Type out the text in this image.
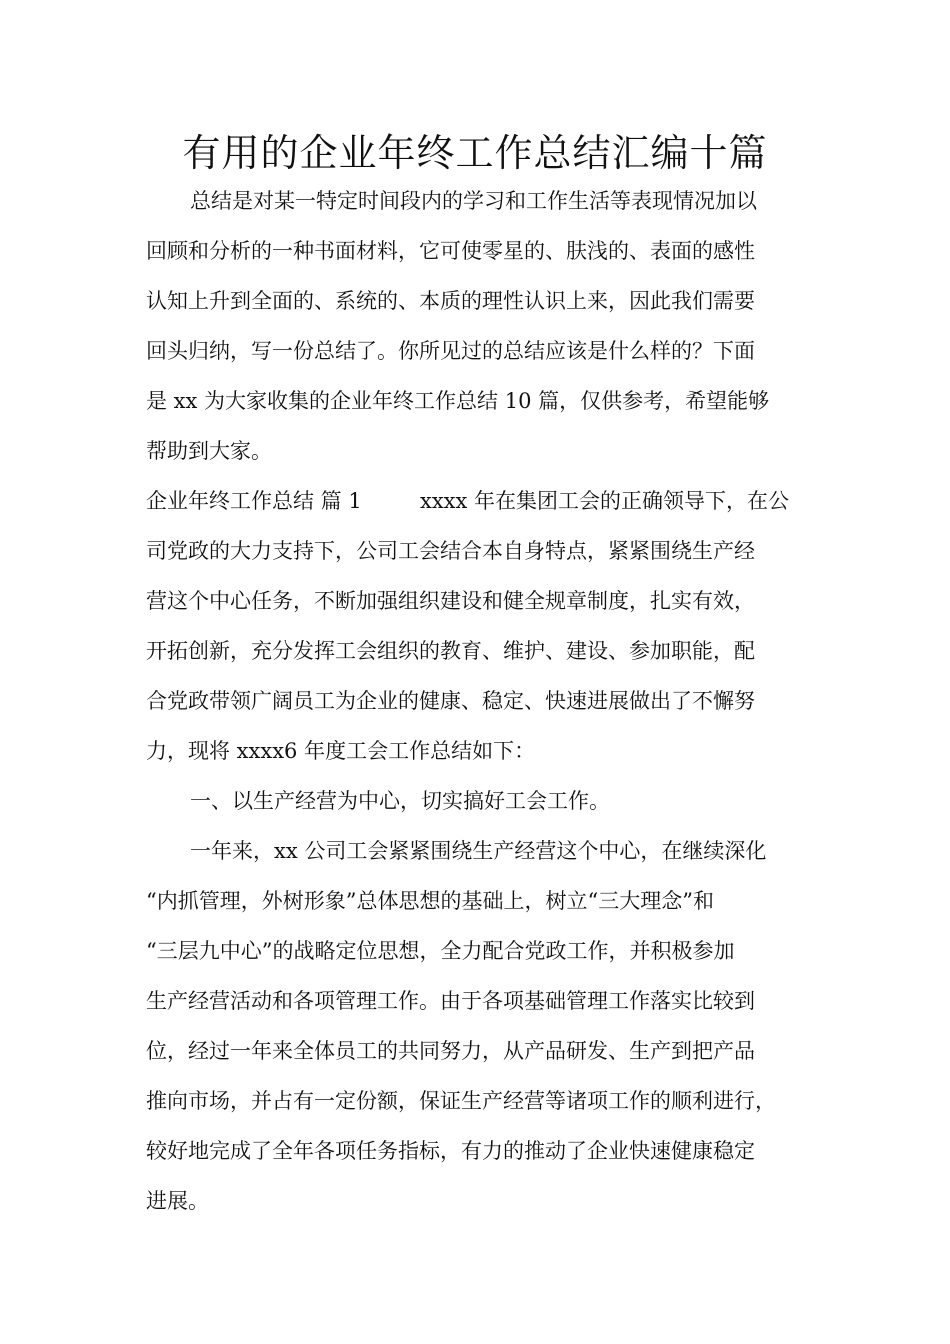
有用的企业年终工作总结汇编十篇
总结是对某一特定时间段内的学习和工作生活等表现情况加以
回顾和分析的一种书面材料，它可使零星的、肤浅的、表面的感性
认知上升到全面的、系统的、本质的理性认识上来，因此我们需要
回头归纳，写一份总结了。你所见过的总结应该是什么样的？下面
是 xx 为大家收集的企业年终工作总结 10 篇，仅供参考，希望能够
帮助到大家。
企业年终工作总结 篇 1	xxxx 年在集团工会的正确领导下，在公
司党政的大力支持下，公司工会结合本自身特点，紧紧围绕生产经
营这个中心任务，不断加强组织建设和健全规章制度，扎实有效，
开拓创新，充分发挥工会组织的教育、维护、建设、参加职能，配
合党政带领广阔员工为企业的健康、稳定、快速进展做出了不懈努
力，现将 xxxx6 年度工会工作总结如下：
一、以生产经营为中心，切实搞好工会工作。
一年来，xx 公司工会紧紧围绕生产经营这个中心，在继续深化
“内抓管理，外树形象”总体思想的基础上，树立“三大理念”和
“三层九中心”的战略定位思想，全力配合党政工作，并积极参加
生产经营活动和各项管理工作。由于各项基础管理工作落实比较到
位，经过一年来全体员工的共同努力，从产品研发、生产到把产品
推向市场，并占有一定份额，保证生产经营等诸项工作的顺利进行，
较好地完成了全年各项任务指标，有力的推动了企业快速健康稳定
进展。
